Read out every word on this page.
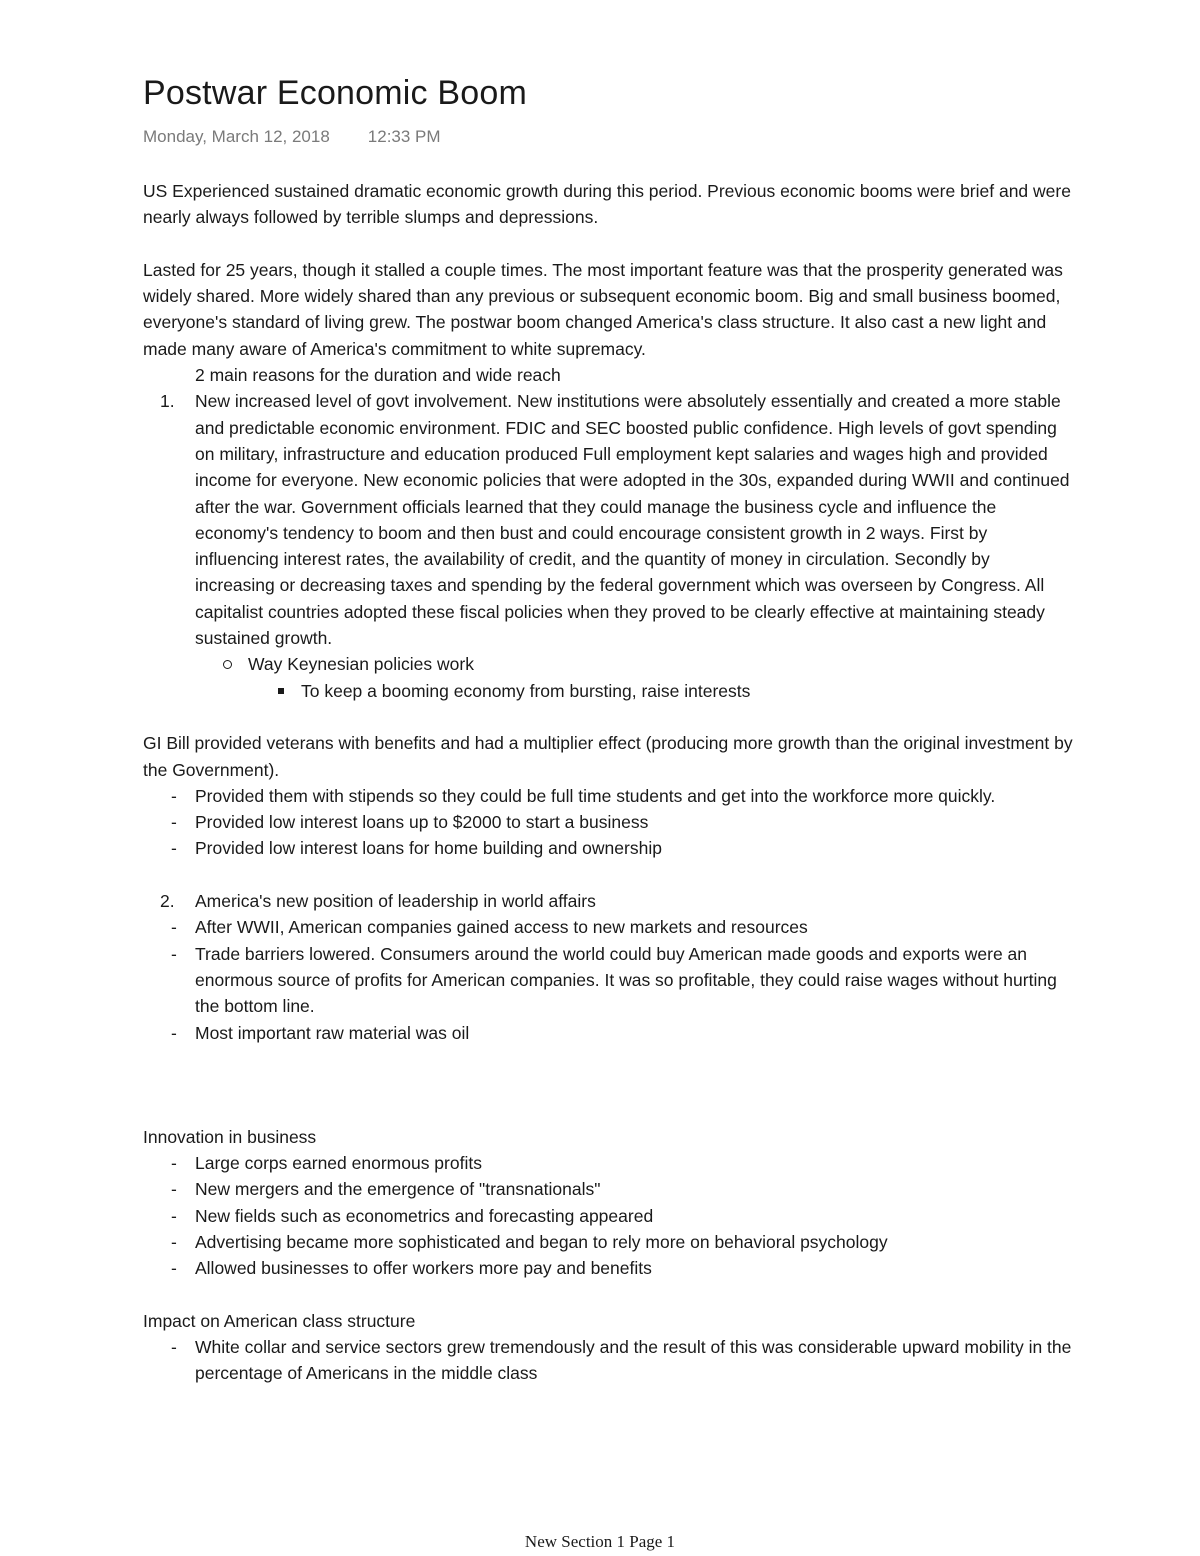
Postwar Economic Boom
Monday, March 12, 2018 12:33 PM

US Experienced sustained dramatic economic growth during this period. Previous economic booms were brief and were nearly always followed by terrible slumps and depressions.

Lasted for 25 years, though it stalled a couple times. The most important feature was that the prosperity generated was widely shared. More widely shared than any previous or subsequent economic boom. Big and small business boomed, everyone's standard of living grew. The postwar boom changed America's class structure. It also cast a new light and made many aware of America's commitment to white supremacy.

2 main reasons for the duration and wide reach
1. New increased level of govt involvement. New institutions were absolutely essentially and created a more stable and predictable economic environment. FDIC and SEC boosted public confidence. High levels of govt spending on military, infrastructure and education produced Full employment kept salaries and wages high and provided income for everyone. New economic policies that were adopted in the 30s, expanded during WWII and continued after the war. Government officials learned that they could manage the business cycle and influence the economy's tendency to boom and then bust and could encourage consistent growth in 2 ways. First by influencing interest rates, the availability of credit, and the quantity of money in circulation. Secondly by increasing or decreasing taxes and spending by the federal government which was overseen by Congress. All capitalist countries adopted these fiscal policies when they proved to be clearly effective at maintaining steady sustained growth.
Way Keynesian policies work
To keep a booming economy from bursting, raise interests

GI Bill provided veterans with benefits and had a multiplier effect (producing more growth than the original investment by the Government).

- Provided them with stipends so they could be full time students and get into the workforce more quickly.
- Provided low interest loans up to $2000 to start a business
- Provided low interest loans for home building and ownership
2. America's new position of leadership in world affairs
- After WWII, American companies gained access to new markets and resources
- Trade barriers lowered. Consumers around the world could buy American made goods and exports were an enormous source of profits for American companies. It was so profitable, they could raise wages without hurting the bottom line.
- Most important raw material was oil

Innovation in business

- Large corps earned enormous profits
- New mergers and the emergence of "transnationals"
- New fields such as econometrics and forecasting appeared
- Advertising became more sophisticated and began to rely more on behavioral psychology
- Allowed businesses to offer workers more pay and benefits

Impact on American class structure

- White collar and service sectors grew tremendously and the result of this was considerable upward mobility in the percentage of Americans in the middle class
New Section 1 Page 1
